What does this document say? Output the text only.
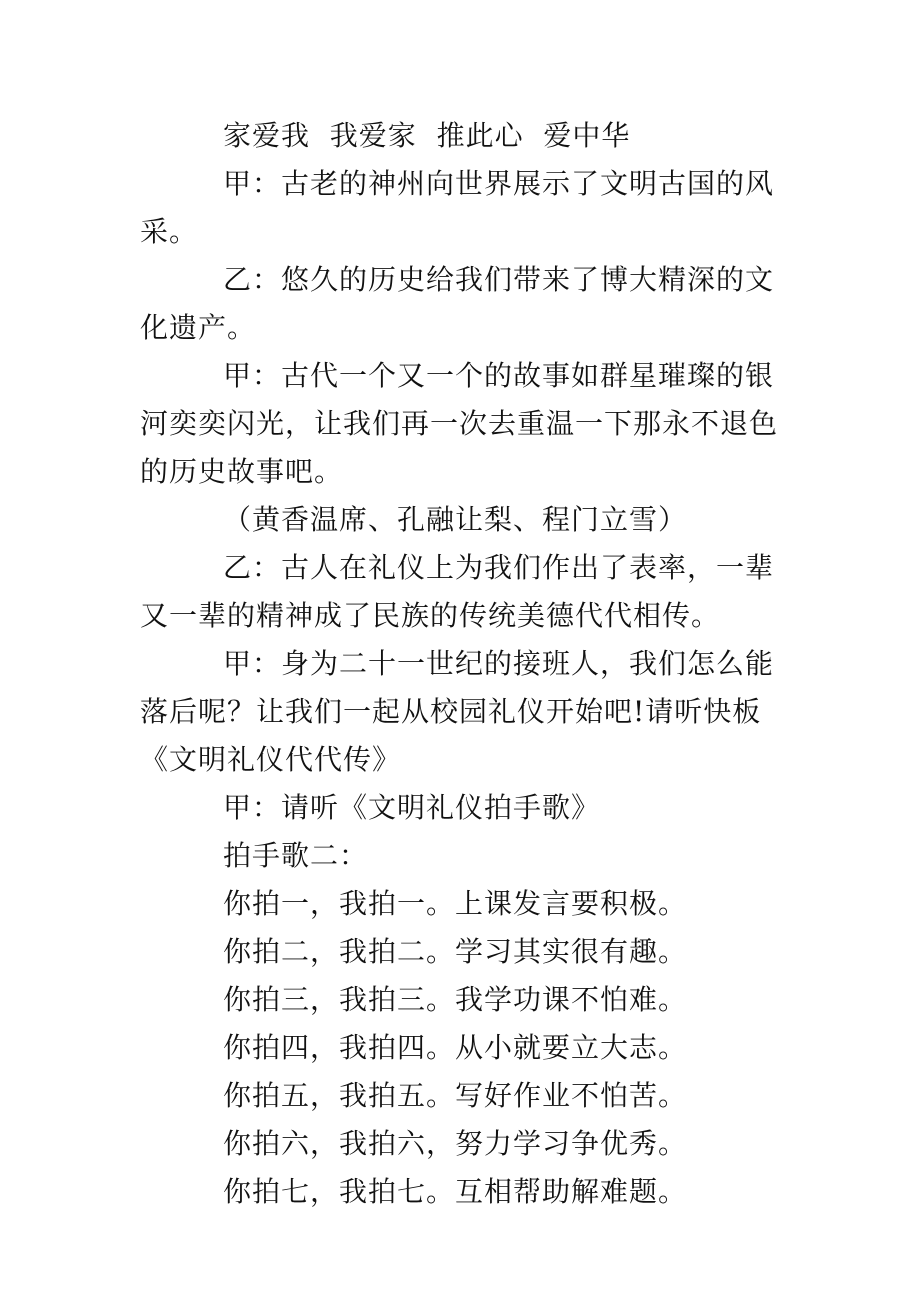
家爱我  我爱家  推此心  爱中华

甲：古老的神州向世界展示了文明古国的风采。

乙：悠久的历史给我们带来了博大精深的文化遗产。

甲：古代一个又一个的故事如群星璀璨的银河奕奕闪光，让我们再一次去重温一下那永不退色的历史故事吧。

（黄香温席、孔融让梨、程门立雪）

乙：古人在礼仪上为我们作出了表率，一辈又一辈的精神成了民族的传统美德代代相传。

甲：身为二十一世纪的接班人，我们怎么能落后呢？让我们一起从校园礼仪开始吧!请听快板《文明礼仪代代传》

甲：请听《文明礼仪拍手歌》

拍手歌二：

你拍一，我拍一。上课发言要积极。

你拍二，我拍二。学习其实很有趣。

你拍三，我拍三。我学功课不怕难。

你拍四，我拍四。从小就要立大志。

你拍五，我拍五。写好作业不怕苦。

你拍六，我拍六，努力学习争优秀。

你拍七，我拍七。互相帮助解难题。
